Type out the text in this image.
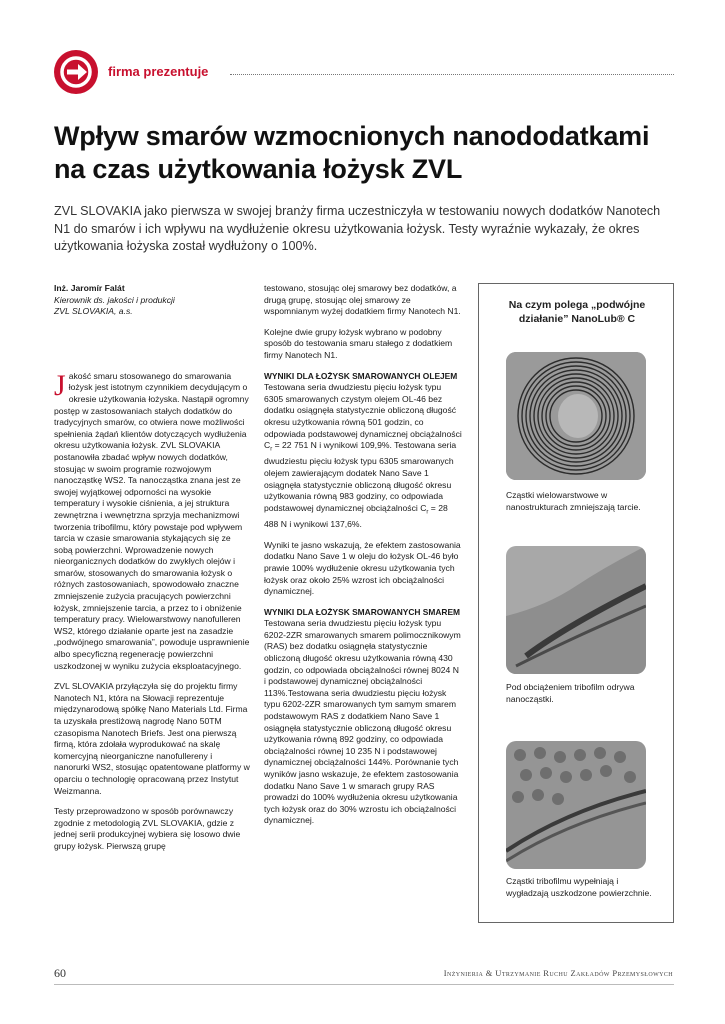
firma prezentuje
Wpływ smarów wzmocnionych nanododatkami
na czas użytkowania łożysk ZVL

ZVL SLOVAKIA jako pierwsza w swojej branży firma uczestniczyła w testowaniu nowych dodatków Nanotech N1 do smarów i ich wpływu na wydłużenie okresu użytkowania łożysk. Testy wyraźnie wykazały, że okres użytkowania łożyska został wydłużony o 100%.

Inż. Jaromír Falát
Kierownik ds. jakości i produkcji
ZVL SLOVAKIA, a.s.

Jakość smaru stosowanego do smarowania łożysk jest istotnym czynnikiem decydującym o okresie użytkowania łożyska. Nastąpił ogromny postęp w zastosowaniach stałych dodatków do tradycyjnych smarów, co otwiera nowe możliwości spełnienia żądań klientów dotyczących wydłużenia okresu użytkowania łożysk. ZVL SLOVAKIA postanowiła zbadać wpływ nowych dodatków, stosując w swoim programie rozwojowym nanocząstkę WS2. Ta nanocząstka znana jest ze swojej wyjątkowej odporności na wysokie temperatury i wysokie ciśnienia, a jej struktura zewnętrzna i wewnętrzna sprzyja mechanizmowi tworzenia tribofilmu, który powstaje pod wpływem tarcia w czasie smarowania stykających się ze sobą powierzchni. Wprowadzenie nowych nieorganicznych dodatków do zwykłych olejów i smarów, stosowanych do smarowania łożysk o różnych zastosowaniach, spowodowało znaczne zmniejszenie zużycia pracujących powierzchni łożysk, zmniejszenie tarcia, a przez to i obniżenie temperatury pracy. Wielowarstwowy nanofulleren WS2, którego działanie oparte jest na zasadzie „podwójnego smarowania”, powoduje usprawnienie albo specyficzną regenerację powierzchni uszkodzonej w wyniku zużycia eksploatacyjnego.

ZVL SLOVAKIA przyłączyła się do projektu firmy Nanotech N1, która na Słowacji reprezentuje międzynarodową spółkę Nano Materials Ltd. Firma ta uzyskała prestiżową nagrodę Nano 50TM czasopisma Nanotech Briefs. Jest ona pierwszą firmą, która zdołała wyprodukować na skalę komercyjną nieorganiczne nanofullereny i nanorurki WS2, stosując opatentowane platformy w oparciu o technologię opracowaną przez Instytut Weizmanna.

Testy przeprowadzono w sposób porównawczy zgodnie z metodologią ZVL SLOVAKIA, gdzie z jednej serii produkcyjnej wybiera się losowo dwie grupy łożysk. Pierwszą grupę

testowano, stosując olej smarowy bez dodatków, a drugą grupę, stosując olej smarowy ze wspomnianym wyżej dodatkiem firmy Nanotech N1.

Kolejne dwie grupy łożysk wybrano w podobny sposób do testowania smaru stałego z dodatkiem firmy Nanotech N1.

WYNIKI DLA ŁOŻYSK SMAROWANYCH OLEJEM

Testowana seria dwudziestu pięciu łożysk typu 6305 smarowanych czystym olejem OL-46 bez dodatku osiągnęła statystycznie obliczoną długość okresu użytkowania równą 501 godzin, co odpowiada podstawowej dynamicznej obciążalności $C_r = 22$ 751 N i wynikowi 109,9%. Testowana seria dwudziestu pięciu łożysk typu 6305 smarowanych olejem zawierającym dodatek Nano Save 1 osiągnęła statystycznie obliczoną długość okresu użytkowania równą 983 godziny, co odpowiada podstawowej dynamicznej obciążalności $C_r = 28$ 488 N i wynikowi 137,6%.

Wyniki te jasno wskazują, że efektem zastosowania dodatku Nano Save 1 w oleju do łożysk OL-46 było prawie 100% wydłużenie okresu użytkowania tych łożysk oraz około 25% wzrost ich obciążalności dynamicznej.

WYNIKI DLA ŁOŻYSK SMAROWANYCH SMAREM

Testowana seria dwudziestu pięciu łożysk typu 6202-2ZR smarowanych smarem polimocznikowym (RAS) bez dodatku osiągnęła statystycznie obliczoną długość okresu użytkowania równą 430 godzin, co odpowiada obciążalności równej 8024 N i podstawowej dynamicznej obciążalności 113%.Testowana seria dwudziestu pięciu łożysk typu 6202-2ZR smarowanych tym samym smarem podstawowym RAS z dodatkiem Nano Save 1 osiągnęła statystycznie obliczoną długość okresu użytkowania równą 892 godziny, co odpowiada obciążalności równej 10 235 N i podstawowej dynamicznej obciążalności 144%. Porównanie tych wyników jasno wskazuje, że efektem zastosowania dodatku Nano Save 1 w smarach grupy RAS prowadzi do 100% wydłużenia okresu użytkowania tych łożysk oraz do 30% wzrostu ich obciążalności dynamicznej.

Na czym polega „podwójne działanie” NanoLub® C
Cząstki wielowarstwowe w nanostrukturach zmniejszają tarcie.
Pod obciążeniem tribofilm odrywa nanocząstki.
Cząstki tribofilmu wypełniają i wygładzają uszkodzone powierzchnie.
60	Inżynieria & Utrzymanie Ruchu Zakładów Przemysłowych
